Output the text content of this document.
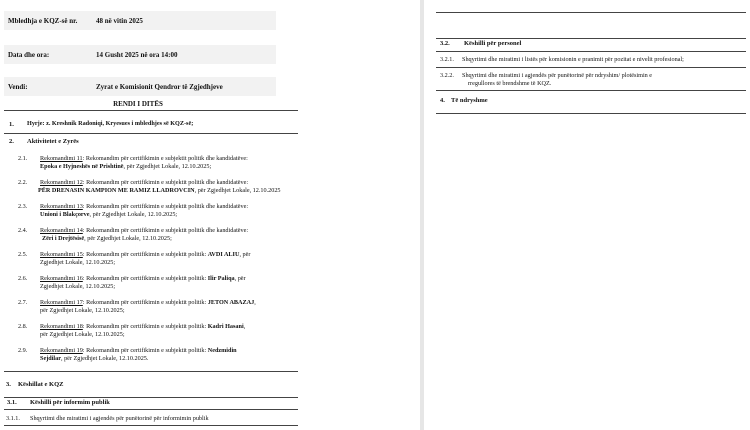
Mbledhja e KQZ-së nr.	48 në vitin 2025
Data dhe ora:	14 Gusht 2025 në ora 14:00
Vendi:	Zyrat e Komisionit Qendror të Zgjedhjeve
RENDI I DITËS
1. Hyrje: z. Kreshnik Radoniqi, Kryesues i mbledhjes së KQZ-së;
2. Aktivitetet e Zyrës
2.1. Rekomandimi 11: Rekomandim për certifikimin e subjektit politik dhe kandidatëve:
Epoka e Hyjneshës në Prishtinë, për Zgjedhjet Lokale, 12.10.2025;
2.2. Rekomandimi 12: Rekomandim për certifikimin e subjektit politik dhe kandidatëve:
PËR DRENASIN KAMPION ME RAMIZ LLADROVCIN, për Zgjedhjet Lokale, 12.10.2025
2.3. Rekomandimi 13: Rekomandim për certifikimin e subjektit politik dhe kandidatëve:
Unioni i Blakçorve, për Zgjedhjet Lokale, 12.10.2025;
2.4. Rekomandimi 14: Rekomandim për certifikimin e subjektit politik dhe kandidatëve:
Zëri i Drejtësisë, për Zgjedhjet Lokale, 12.10.2025;
2.5. Rekomandimi 15: Rekomandim për certifikimin e subjektit politik: AVDI ALIU, për
Zgjedhjet Lokale, 12.10.2025;
2.6. Rekomandimi 16: Rekomandim për certifikimin e subjektit politik: Ilir Paliqa, për
Zgjedhjet Lokale, 12.10.2025;
2.7. Rekomandimi 17: Rekomandim për certifikimin e subjektit politik: JETON ABAZAJ,
për Zgjedhjet Lokale, 12.10.2025;
2.8. Rekomandimi 18: Rekomandim për certifikimin e subjektit politik: Kadri Hasani,
për Zgjedhjet Lokale, 12.10.2025;
2.9. Rekomandimi 19: Rekomandim për certifikimin e subjektit politik: Nedzmidin
Sejdilar, për Zgjedhjet Lokale, 12.10.2025.
3. Këshillat e KQZ
3.1. Këshilli për informim publik
3.1.1. Shqyrtimi dhe miratimi i agjendës për punëtorinë për informimin publik
3.2. Këshilli për personel
3.2.1. Shqyrtimi dhe miratimi i listës për komisionin e pranimit për pozitat e nivelit profesional;
3.2.2. Shqyrtimi dhe miratimi i agjendës për punëtorinë për ndryshim/ plotësimin e
rregullores të brendshme të KQZ.
4. Të ndryshme
